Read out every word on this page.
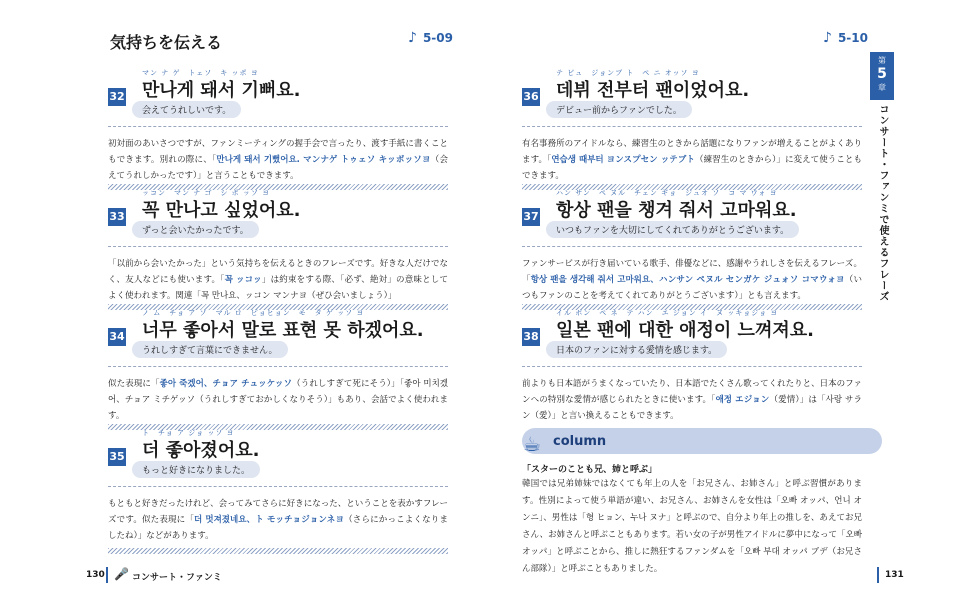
気持ちを伝える	♪ 5-09
32
マン ナ ゲ　トェソ　キ ッポ ヨ
만나게 돼서 기뻐요.
会えてうれしいです。
初対面のあいさつですが、ファンミーティングの握手会で言ったり、渡す手紙に書くこともできます。別れの際に、「만나게 돼서 기뻤어요. マンナゲ トゥェソ キッポッソヨ（会えてうれしかったです）」と言うこともできます。
33
ッコン　マン ナ ゴ　シ ポ ッソ ヨ
꼭 만나고 싶었어요.
ずっと会いたかったです。
「以前から会いたかった」という気持ちを伝えるときのフレーズです。好きな人だけでなく、友人などにも使います。「꼭 ッコッ」は約束をする際、「必ず、絶対」の意味としてよく使われます。関連「꼭 만나요、ッコン マンナヨ（ぜひ会いましょう）」
34
ノ ム　チョ ア ソ　マル ロ　ピョヒョン　モ　タ ゲ ッソ ヨ
너무 좋아서 말로 표현 못 하겠어요.
うれしすぎて言葉にできません。
似た表現に「좋아 죽겠어、チョア チュッケッソ（うれしすぎて死にそう）」「좋아 미치겠어、チョア ミチゲッソ（うれしすぎておかしくなりそう）」もあり、会話でよく使われます。
35
ト　チョ ア ジョ ッソ ヨ
더 좋아졌어요.
もっと好きになりました。
もともと好きだったけれど、会ってみてさらに好きになった、ということを表かすフレーズです。似た表現に「더 멋져졌네요、ト モッチョジョンネヨ（さらにかっこよくなりましたね）」などがあります。
130 🎤 コンサート・ファンミ
♪ 5-10
第
5
章
コンサート・ファンミで使えるフレーズ
36
テ ビュ　ジョンブ ト　ペ ニ オッソ ヨ
데뷔 전부터 팬이었어요.
デビュー前からファンでした。
有名事務所のアイドルなら、練習生のときから話題になりファンが増えることがよくあります。「연습생 때부터 ヨンスプセン ッテブト（練習生のときから）」に変えて使うこともできます。
37
ハン サン　ペ ヌル　チェン ギョ　ジュオ ソ　コ マ ウォ ヨ
항상 팬을 챙겨 줘서 고마워요.
いつもファンを大切にしてくれてありがとうございます。
ファンサービスが行き届いている歌手、俳優などに、感謝やうれしさを伝えるフレーズ。「항상 팬을 생각해 줘서 고마워요、ハンサン ペヌル センガケ ジュォソ コマウォヨ（いつもファンのことを考えてくれてありがとうございます）」とも言えます。
38
イル ボン　ペ ネ　テ ハン　エ ジョン イ　ヌ ッキョジョ ヨ
일본 팬에 대한 애정이 느껴져요.
日本のファンに対する愛情を感じます。
前よりも日本語がうまくなっていたり、日本語でたくさん歌ってくれたりと、日本のファンへの特別な愛情が感じられたときに使います。「애정 エジョン（愛情）」は「사랑 サラン（愛）」と言い換えることもできます。
☕ column
「スターのことも兄、姉と呼ぶ」
韓国では兄弟姉妹ではなくても年上の人を「お兄さん、お姉さん」と呼ぶ習慣があります。性別によって使う単語が違い、お兄さん、お姉さんを女性は「오빠 オッパ、언니 オンニ」、男性は「형 ヒョン、누나 ヌナ」と呼ぶので、自分より年上の推しを、あえてお兄さん、お姉さんと呼ぶこともあります。若い女の子が男性アイドルに夢中になって「오빠 オッパ」と呼ぶことから、推しに熱狂するファンダムを「오빠 부대 オッパ ブデ（お兄さん部隊）」と呼ぶこともありました。
131
